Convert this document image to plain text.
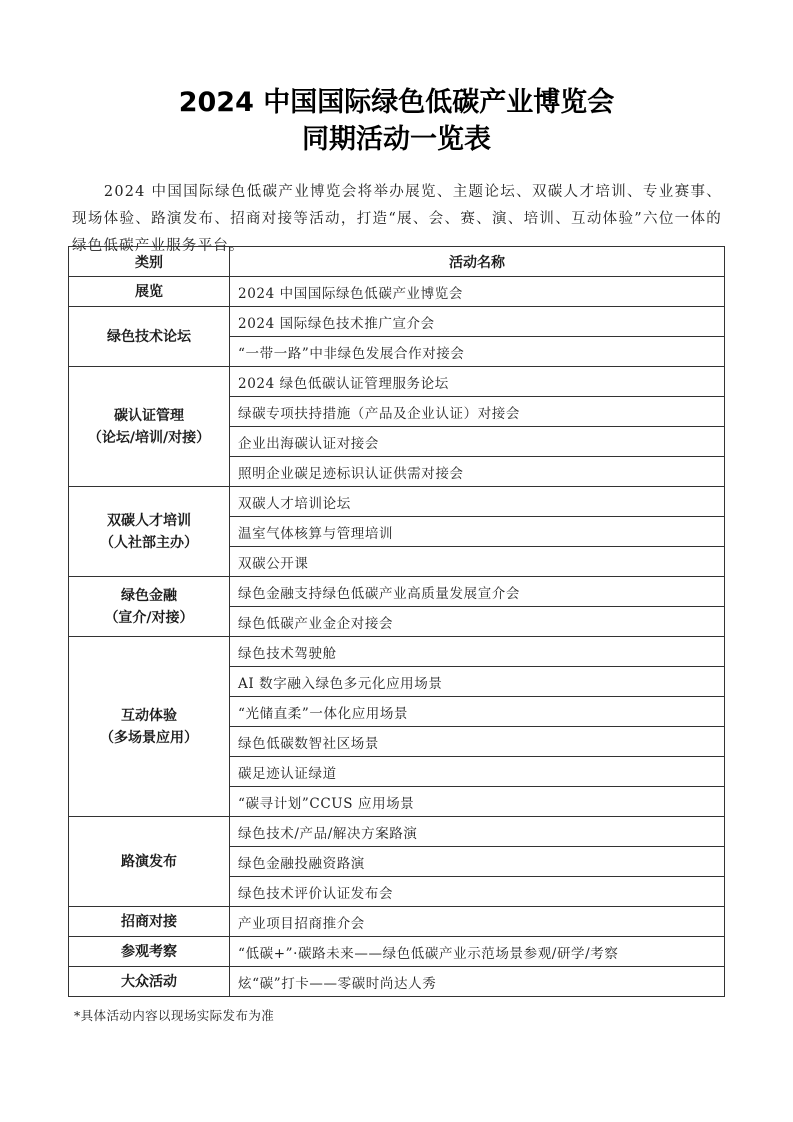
2024 中国国际绿色低碳产业博览会
同期活动一览表

2024 中国国际绿色低碳产业博览会将举办展览、主题论坛、双碳人才培训、专业赛事、现场体验、路演发布、招商对接等活动，打造“展、会、赛、演、培训、互动体验”六位一体的绿色低碳产业服务平台。

类别	活动名称

展览	2024 中国国际绿色低碳产业博览会

绿色技术论坛	2024 国际绿色技术推广宣介会
	“一带一路”中非绿色发展合作对接会

碳认证管理
（论坛/培训/对接）	2024 绿色低碳认证管理服务论坛
	绿碳专项扶持措施（产品及企业认证）对接会
	企业出海碳认证对接会
	照明企业碳足迹标识认证供需对接会

双碳人才培训
（人社部主办）	双碳人才培训论坛
	温室气体核算与管理培训
	双碳公开课

绿色金融
（宣介/对接）	绿色金融支持绿色低碳产业高质量发展宣介会
	绿色低碳产业金企对接会

互动体验
（多场景应用）	绿色技术驾驶舱
	AI 数字融入绿色多元化应用场景
	“光储直柔”一体化应用场景
	绿色低碳数智社区场景
	碳足迹认证绿道
	“碳寻计划”CCUS 应用场景

路演发布	绿色技术/产品/解决方案路演
	绿色金融投融资路演
	绿色技术评价认证发布会

招商对接	产业项目招商推介会

参观考察	“低碳+”·碳路未来——绿色低碳产业示范场景参观/研学/考察

大众活动	炫“碳”打卡——零碳时尚达人秀
*具体活动内容以现场实际发布为准
